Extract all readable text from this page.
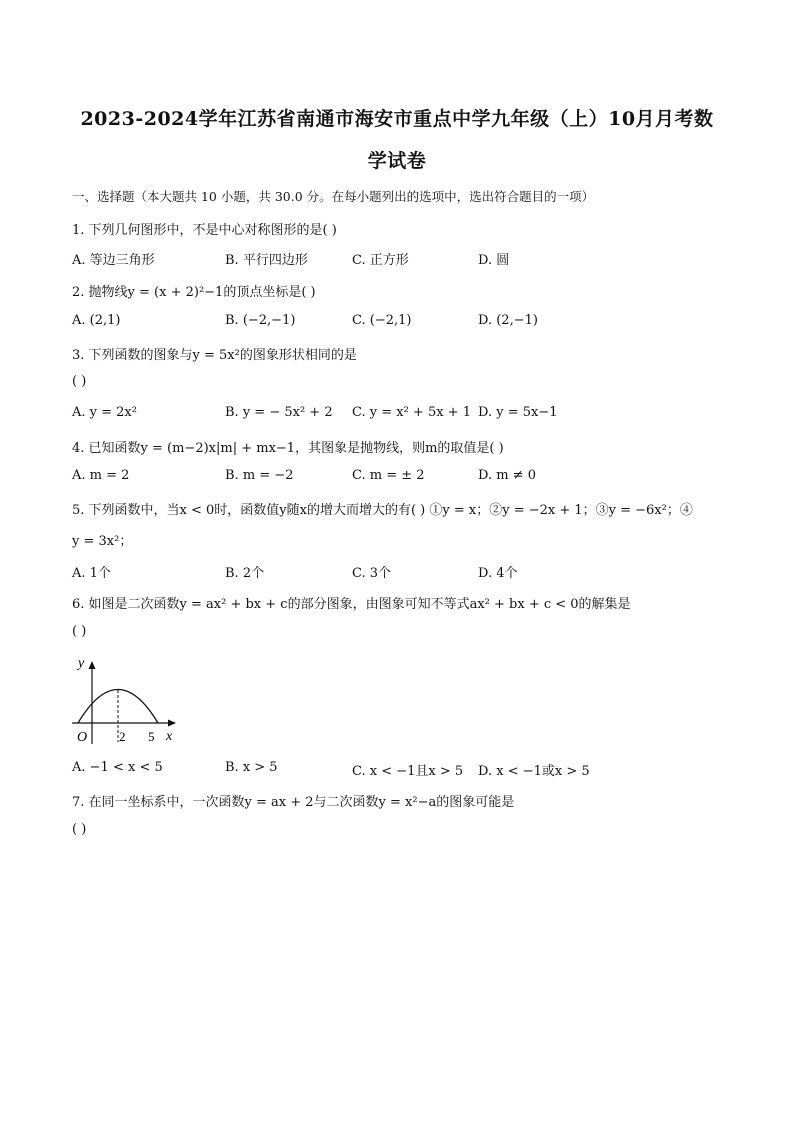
2023-2024学年江苏省南通市海安市重点中学九年级（上）10月月考数
学试卷
一、选择题（本大题共 10 小题，共 30.0 分。在每小题列出的选项中，选出符合题目的一项）
1. 下列几何图形中，不是中心对称图形的是( )
A. 等边三角形	B. 平行四边形	C. 正方形	D. 圆
2. 抛物线y = (x + 2)²−1的顶点坐标是( )
A. (2,1)	B. (−2,−1)	C. (−2,1)	D. (2,−1)
3. 下列函数的图象与y = 5x²的图象形状相同的是
( )
A. y = 2x²	B. y = − 5x² + 2 C. y = x² + 5x + 1 D. y = 5x−1
4. 已知函数y = (m−2)x|m| + mx−1，其图象是抛物线，则m的取值是( )
A. m = 2	B. m = −2	C. m = ± 2	D. m ≠ 0
5. 下列函数中，当x < 0时，函数值y随x的增大而增大的有( ) ①y = x；②y = −2x + 1；③y = −6x²；④
y = 3x²；
A. 1个	B. 2个	C. 3个	D. 4个
6. 如图是二次函数y = ax² + bx + c的部分图象，由图象可知不等式ax² + bx + c < 0的解集是
( )
y
x
O 2 5
A. −1 < x < 5	B. x > 5	C. x < −1且x > 5 D. x < −1或x > 5
7. 在同一坐标系中，一次函数y = ax + 2与二次函数y = x²−a的图象可能是
( )
